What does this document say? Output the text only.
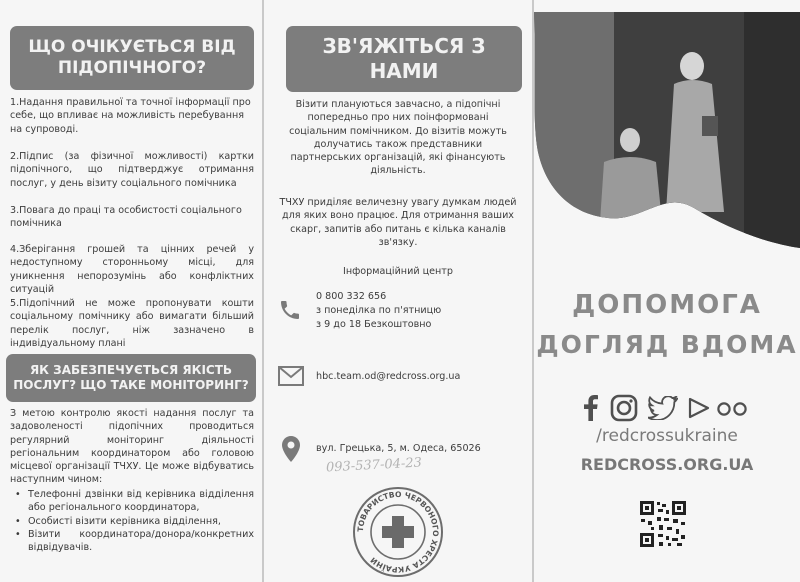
ЩО ОЧІКУЄТЬСЯ ВІД ПІДОПІЧНОГО?
1.Надання правильної та точної інформації про себе, що впливає на можливість перебування на супроводі.
2.Підпис (за фізичної можливості) картки підопічного, що підтверджує отримання послуг, у день візиту соціального помічника
3.Повага до праці та особистості соціального помічника
4.Зберігання грошей та цінних речей у недоступному сторонньому місці, для уникнення непорозумінь або конфліктних ситуацій
5.Підопічний не може пропонувати кошти соціальному помічнику або вимагати більший перелік послуг, ніж зазначено в індивідуальному плані
ЯК ЗАБЕЗПЕЧУЄТЬСЯ ЯКІСТЬ ПОСЛУГ? ЩО ТАКЕ МОНІТОРИНГ?
З метою контролю якості надання послуг та задоволеності підопічних проводиться регулярний моніторинг діяльності регіональним координатором або головою місцевої організації ТЧХУ. Це може відбуватись наступним чином:
• Телефонні дзвінки від керівника відділення або регіонального координатора,
• Особисті візити керівника відділення,
• Візити координатора/донора/конкретних відвідувачів.
ЗВ'ЯЖІТЬСЯ З НАМИ
Візити плануються завчасно, а підопічні попередньо про них поінформовані соціальним помічником. До візитів можуть долучатись також представники партнерських організацій, які фінансують діяльність.
ТЧХУ приділяє величезну увагу думкам людей для яких воно працює. Для отримання ваших скарг, запитів або питань є кілька каналів зв'язку.
Інформаційний центр
0 800 332 656
з понеділка по п'ятницю
з 9 до 18 Безкоштовно
hbc.team.od@redcross.org.ua
вул. Грецька, 5, м. Одеса, 65026
093-537-04-23
ТОВАРИСТВО ЧЕРВОНОГО ХРЕСТА УКРАЇНИ
ДОПОМОГА
ДОГЛЯД ВДОМА
/redcrossukraine
REDCROSS.ORG.UA
